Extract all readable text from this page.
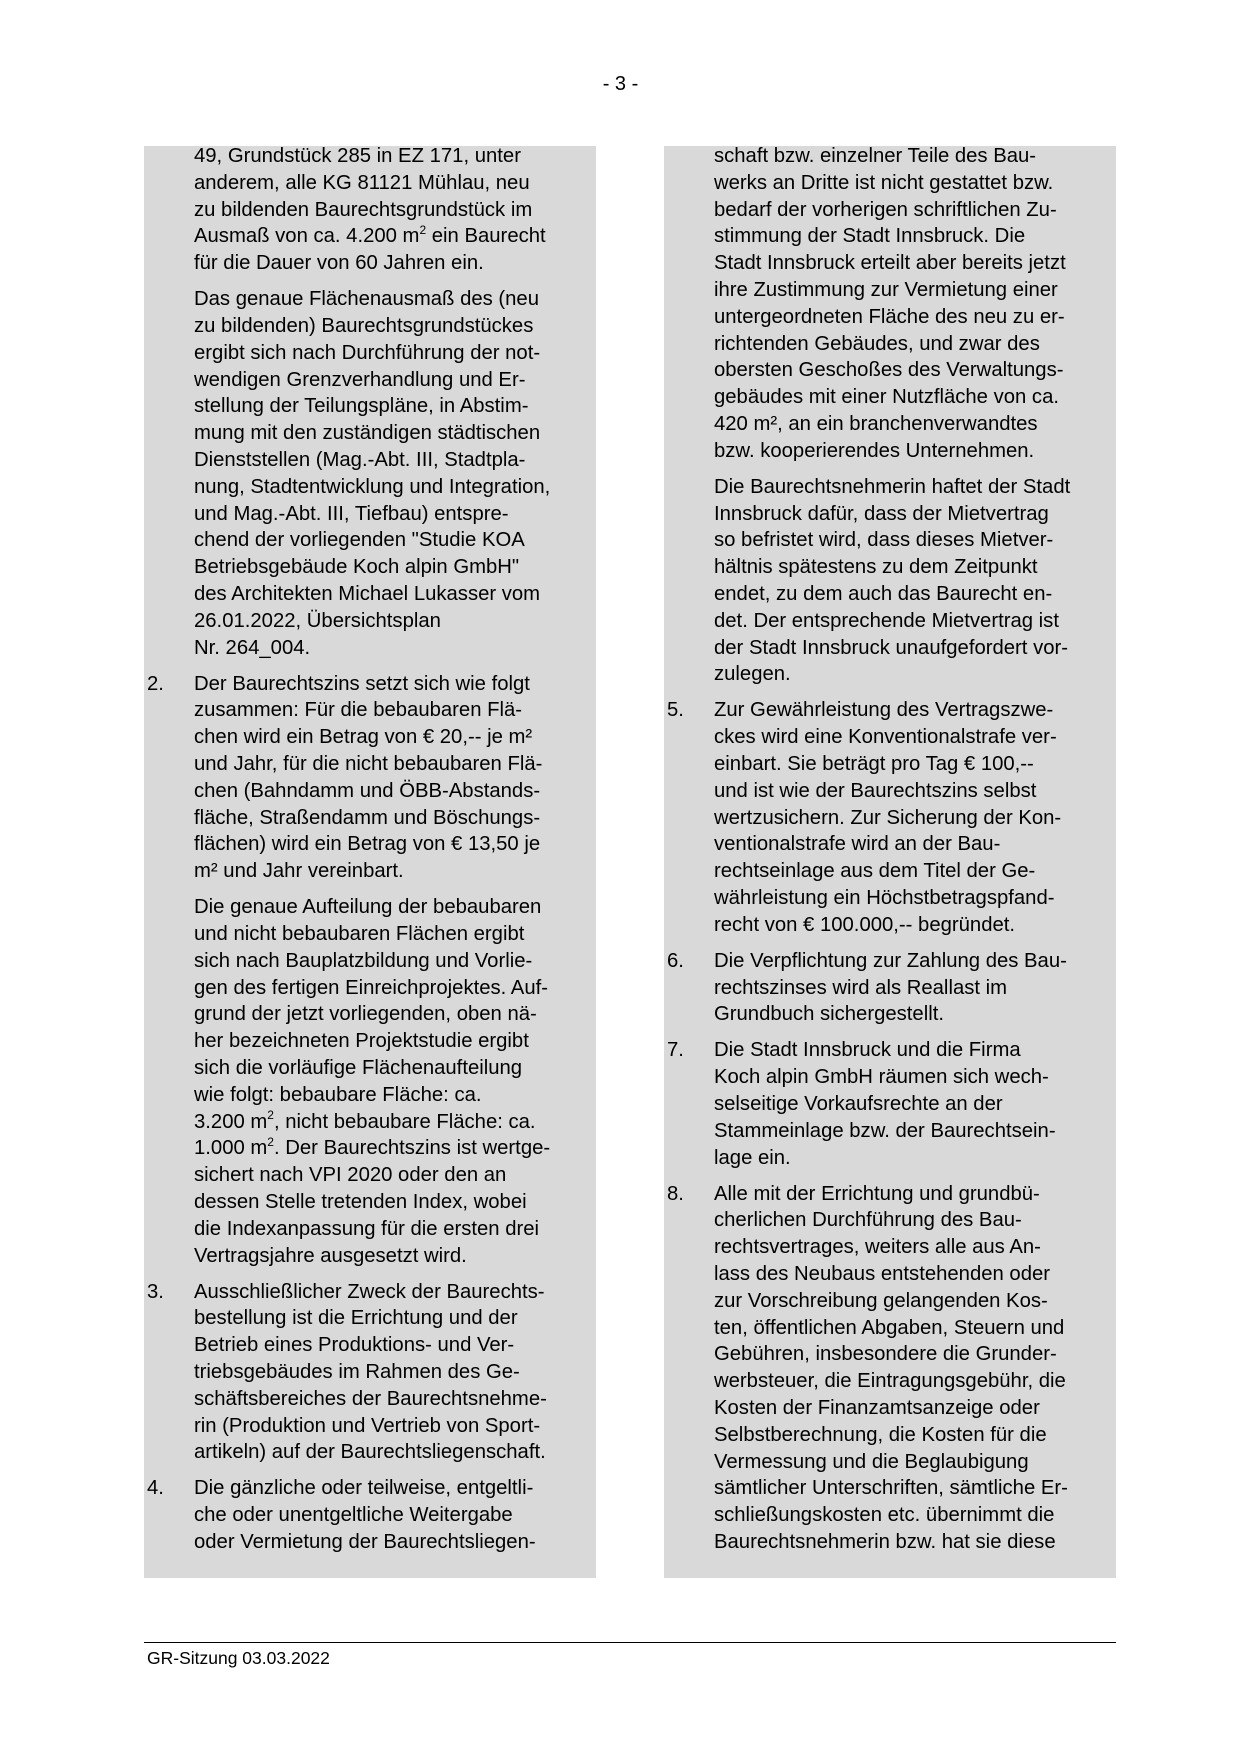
- 3 -
49, Grundstück 285 in EZ 171, unter
anderem, alle KG 81121 Mühlau, neu
zu bildenden Baurechtsgrundstück im
Ausmaß von ca. 4.200 $m^2$ ein Baurecht
für die Dauer von 60 Jahren ein.
Das genaue Flächenausmaß des (neu
zu bildenden) Baurechtsgrundstückes
ergibt sich nach Durchführung der not-
wendigen Grenzverhandlung und Er-
stellung der Teilungspläne, in Abstim-
mung mit den zuständigen städtischen
Dienststellen (Mag.-Abt. III, Stadtpla-
nung, Stadtentwicklung und Integration,
und Mag.-Abt. III, Tiefbau) entspre-
chend der vorliegenden "Studie KOA
Betriebsgebäude Koch alpin GmbH"
des Architekten Michael Lukasser vom
26.01.2022, Übersichtsplan
Nr. 264_004.
2. Der Baurechtszins setzt sich wie folgt
zusammen: Für die bebaubaren Flä-
chen wird ein Betrag von € 20,-- je m²
und Jahr, für die nicht bebaubaren Flä-
chen (Bahndamm und ÖBB-Abstands-
fläche, Straßendamm und Böschungs-
flächen) wird ein Betrag von € 13,50 je
m² und Jahr vereinbart.
Die genaue Aufteilung der bebaubaren
und nicht bebaubaren Flächen ergibt
sich nach Bauplatzbildung und Vorlie-
gen des fertigen Einreichprojektes. Auf-
grund der jetzt vorliegenden, oben nä-
her bezeichneten Projektstudie ergibt
sich die vorläufige Flächenaufteilung
wie folgt: bebaubare Fläche: ca.
3.200 $m^2$, nicht bebaubare Fläche: ca.
1.000 $m^2$. Der Baurechtszins ist wertge-
sichert nach VPI 2020 oder den an
dessen Stelle tretenden Index, wobei
die Indexanpassung für die ersten drei
Vertragsjahre ausgesetzt wird.
3. Ausschließlicher Zweck der Baurechts-
bestellung ist die Errichtung und der
Betrieb eines Produktions- und Ver-
triebsgebäudes im Rahmen des Ge-
schäftsbereiches der Baurechtsnehme-
rin (Produktion und Vertrieb von Sport-
artikeln) auf der Baurechtsliegenschaft.
4. Die gänzliche oder teilweise, entgeltli-
che oder unentgeltliche Weitergabe
oder Vermietung der Baurechtsliegen-
schaft bzw. einzelner Teile des Bau-
werks an Dritte ist nicht gestattet bzw.
bedarf der vorherigen schriftlichen Zu-
stimmung der Stadt Innsbruck. Die
Stadt Innsbruck erteilt aber bereits jetzt
ihre Zustimmung zur Vermietung einer
untergeordneten Fläche des neu zu er-
richtenden Gebäudes, und zwar des
obersten Geschoßes des Verwaltungs-
gebäudes mit einer Nutzfläche von ca.
420 m², an ein branchenverwandtes
bzw. kooperierendes Unternehmen.
Die Baurechtsnehmerin haftet der Stadt
Innsbruck dafür, dass der Mietvertrag
so befristet wird, dass dieses Mietver-
hältnis spätestens zu dem Zeitpunkt
endet, zu dem auch das Baurecht en-
det. Der entsprechende Mietvertrag ist
der Stadt Innsbruck unaufgefordert vor-
zulegen.
5. Zur Gewährleistung des Vertragszwe-
ckes wird eine Konventionalstrafe ver-
einbart. Sie beträgt pro Tag € 100,--
und ist wie der Baurechtszins selbst
wertzusichern. Zur Sicherung der Kon-
ventionalstrafe wird an der Bau-
rechtseinlage aus dem Titel der Ge-
währleistung ein Höchstbetragspfand-
recht von € 100.000,-- begründet.
6. Die Verpflichtung zur Zahlung des Bau-
rechtszinses wird als Reallast im
Grundbuch sichergestellt.
7. Die Stadt Innsbruck und die Firma
Koch alpin GmbH räumen sich wech-
selseitige Vorkaufsrechte an der
Stammeinlage bzw. der Baurechtsein-
lage ein.
8. Alle mit der Errichtung und grundbü-
cherlichen Durchführung des Bau-
rechtsvertrages, weiters alle aus An-
lass des Neubaus entstehenden oder
zur Vorschreibung gelangenden Kos-
ten, öffentlichen Abgaben, Steuern und
Gebühren, insbesondere die Grunder-
werbsteuer, die Eintragungsgebühr, die
Kosten der Finanzamtsanzeige oder
Selbstberechnung, die Kosten für die
Vermessung und die Beglaubigung
sämtlicher Unterschriften, sämtliche Er-
schließungskosten etc. übernimmt die
Baurechtsnehmerin bzw. hat sie diese
GR-Sitzung 03.03.2022
